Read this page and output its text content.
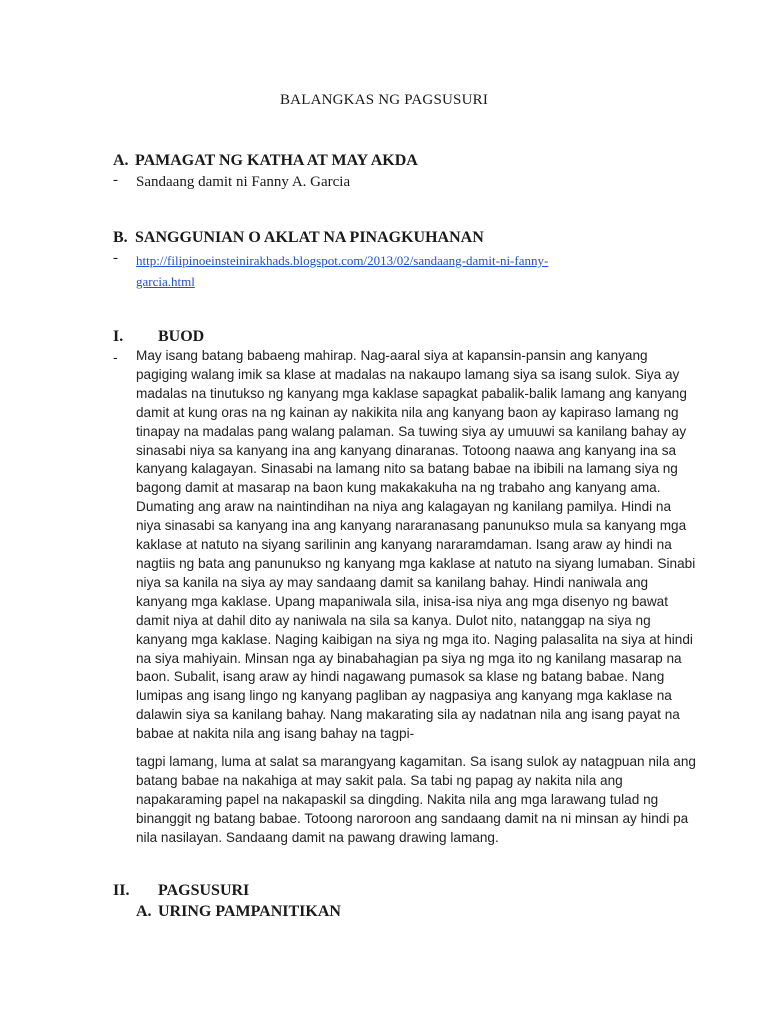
BALANGKAS NG PAGSUSURI
A. PAMAGAT NG KATHA AT MAY AKDA
- Sandaang damit ni Fanny A. Garcia
B. SANGGUNIAN O AKLAT NA PINAGKUHANAN
- http://filipinoeinsteinirakhads.blogspot.com/2013/02/sandaang-damit-ni-fanny-
garcia.html
I. BUOD
- May isang batang babaeng mahirap. Nag-aaral siya at kapansin-pansin ang kanyang pagiging walang imik sa klase at madalas na nakaupo lamang siya sa isang sulok. Siya ay madalas na tinutukso ng kanyang mga kaklase sapagkat pabalik-balik lamang ang kanyang damit at kung oras na ng kainan ay nakikita nila ang kanyang baon ay kapiraso lamang ng tinapay na madalas pang walang palaman. Sa tuwing siya ay umuuwi sa kanilang bahay ay sinasabi niya sa kanyang ina ang kanyang dinaranas. Totoong naawa ang kanyang ina sa kanyang kalagayan. Sinasabi na lamang nito sa batang babae na ibibili na lamang siya ng bagong damit at masarap na baon kung makakakuha na ng trabaho ang kanyang ama. Dumating ang araw na naintindihan na niya ang kalagayan ng kanilang pamilya. Hindi na niya sinasabi sa kanyang ina ang kanyang nararanasang panunukso mula sa kanyang mga kaklase at natuto na siyang sarilinin ang kanyang nararamdaman. Isang araw ay hindi na nagtiis ng bata ang panunukso ng kanyang mga kaklase at natuto na siyang lumaban. Sinabi niya sa kanila na siya ay may sandaang damit sa kanilang bahay. Hindi naniwala ang kanyang mga kaklase. Upang mapaniwala sila, inisa-isa niya ang mga disenyo ng bawat damit niya at dahil dito ay naniwala na sila sa kanya. Dulot nito, natanggap na siya ng kanyang mga kaklase. Naging kaibigan na siya ng mga ito. Naging palasalita na siya at hindi na siya mahiyain. Minsan nga ay binabahagian pa siya ng mga ito ng kanilang masarap na baon. Subalit, isang araw ay hindi nagawang pumasok sa klase ng batang babae. Nang lumipas ang isang lingo ng kanyang pagliban ay nagpasiya ang kanyang mga kaklase na dalawin siya sa kanilang bahay. Nang makarating sila ay nadatnan nila ang isang payat na babae at nakita nila ang isang bahay na tagpi-
tagpi lamang, luma at salat sa marangyang kagamitan. Sa isang sulok ay natagpuan nila ang batang babae na nakahiga at may sakit pala. Sa tabi ng papag ay nakita nila ang napakaraming papel na nakapaskil sa dingding. Nakita nila ang mga larawang tulad ng binanggit ng batang babae. Totoong naroroon ang sandaang damit na ni minsan ay hindi pa nila nasilayan. Sandaang damit na pawang drawing lamang.
II. PAGSUSURI
A. URING PAMPANITIKAN
